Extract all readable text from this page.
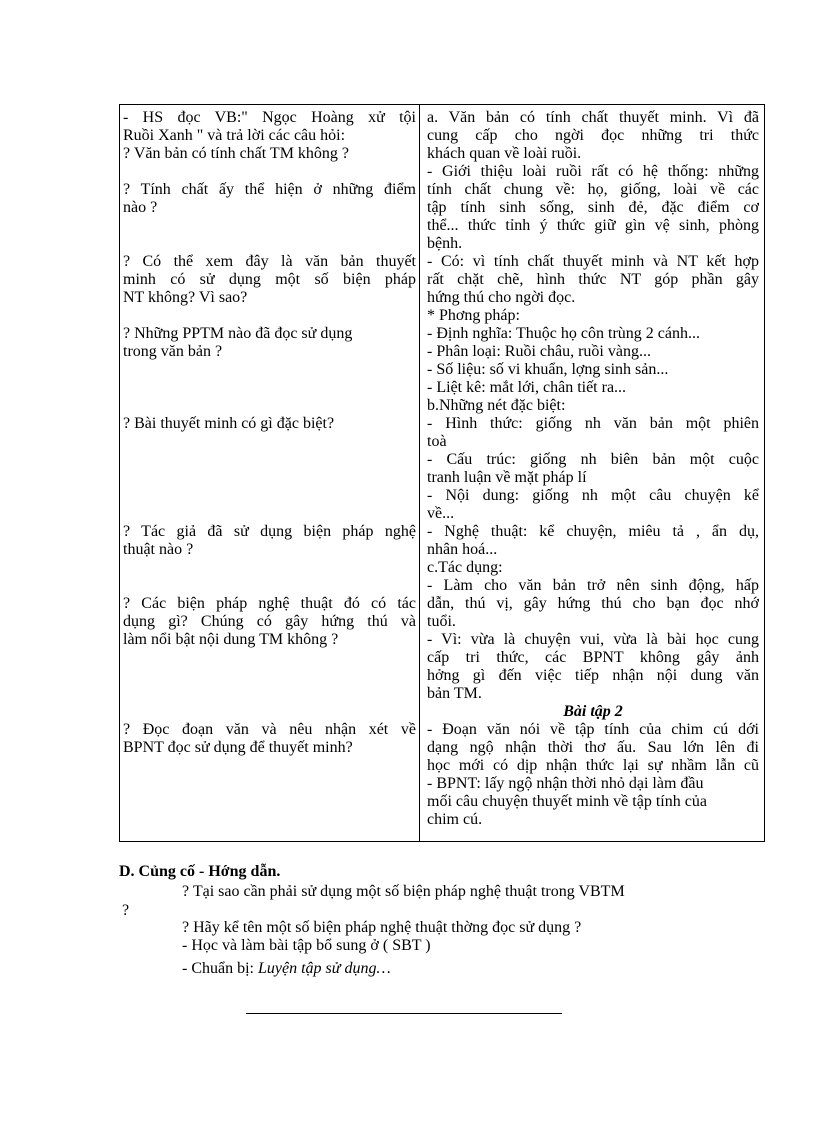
- HS đọc VB:" Ngọc Hoàng xử tội
Ruồi Xanh " và trả lời các câu hỏi:
? Văn bản có tính chất TM không ?
? Tính chất ấy thể hiện ở những điểm
nào ?
? Có thể xem đây là văn bản thuyết
minh có sử dụng một số biện pháp
NT không? Vì sao?
? Những PPTM nào đã đọc sử dụng
trong văn bản ?
? Bài thuyết minh có gì đặc biệt?
? Tác giả đã sử dụng biện pháp nghệ
thuật nào ?
? Các biện pháp nghệ thuật đó có tác
dụng gì? Chúng có gây hứng thú và
làm nổi bật nội dung TM không ?
? Đọc đoạn văn và nêu nhận xét về
BPNT đọc sử dụng để thuyết minh?
a. Văn bản có tính chất thuyết minh. Vì đã
cung cấp cho ngời đọc những tri thức
khách quan về loài ruồi.
- Giới thiệu loài ruồi rất có hệ thống: những
tính chất chung về: họ, giống, loài về các
tập tính sinh sống, sinh đẻ, đặc điểm cơ
thể... thức tỉnh ý thức giữ gìn vệ sinh, phòng
bệnh.
- Có: vì tính chất thuyết minh và NT kết hợp
rất chặt chẽ, hình thức NT góp phần gây
hứng thú cho ngời đọc.
* Phơng pháp:
- Định nghĩa: Thuộc họ côn trùng 2 cánh...
- Phân loại: Ruồi châu, ruồi vàng...
- Số liệu: số vi khuẩn, lợng sinh sản...
- Liệt kê: mắt lới, chân tiết ra...
b.Những nét đặc biệt:
- Hình thức: giống nh văn bản một phiên
toà
- Cấu trúc: giống nh biên bản một cuộc
tranh luận về mặt pháp lí
- Nội dung: giống nh một câu chuyện kể
về...
- Nghệ thuật: kể chuyện, miêu tả , ẩn dụ,
nhân hoá...
c.Tác dụng:
- Làm cho văn bản trở nên sinh động, hấp
dẫn, thú vị, gây hứng thú cho bạn đọc nhớ
tuổi.
- Vì: vừa là chuyện vui, vừa là bài học cung
cấp tri thức, các BPNT không gây ảnh
hởng gì đến việc tiếp nhận nội dung văn
bản TM.
Bài tập 2
- Đoạn văn nói về tập tính của chim cú dới
dạng ngộ nhận thời thơ ấu. Sau lớn lên đi
học mới có dịp nhận thức lại sự nhầm lẫn cũ
- BPNT: lấy ngộ nhận thời nhỏ dại làm đầu
mối câu chuyện thuyết minh về tập tính của
chim cú.
D. Củng cố - Hớng dẫn.
? Tại sao cần phải sử dụng một số biện pháp nghệ thuật trong VBTM
?
? Hãy kể tên một số biện pháp nghệ thuật thờng đọc sử dụng ?
- Học và làm bài tập bổ sung ở ( SBT )
- Chuẩn bị: Luyện tập sử dụng…
